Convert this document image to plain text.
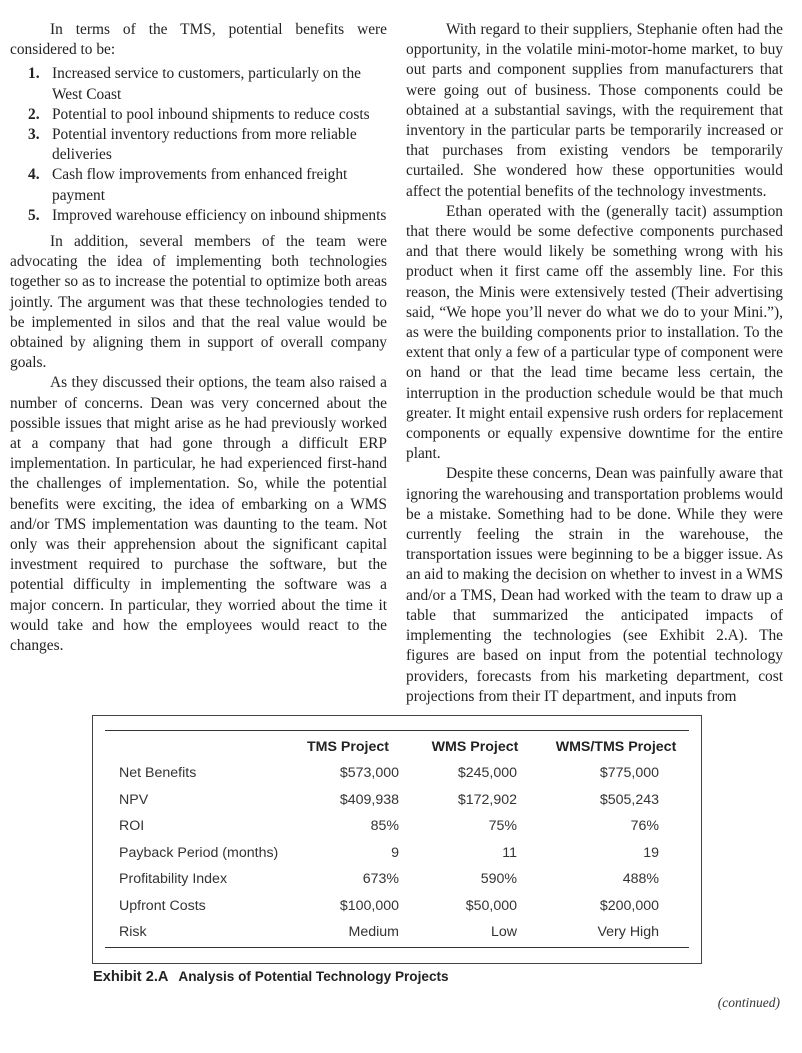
In terms of the TMS, potential benefits were considered to be:

1. Increased service to customers, particularly on the West Coast
2. Potential to pool inbound shipments to reduce costs
3. Potential inventory reductions from more reliable deliveries
4. Cash flow improvements from enhanced freight payment
5. Improved warehouse efficiency on inbound shipments

In addition, several members of the team were advocating the idea of implementing both technologies together so as to increase the potential to optimize both areas jointly. The argument was that these technologies tended to be implemented in silos and that the real value would be obtained by aligning them in support of overall company goals.

As they discussed their options, the team also raised a number of concerns. Dean was very concerned about the possible issues that might arise as he had previously worked at a company that had gone through a difficult ERP implementation. In particular, he had experienced first-hand the challenges of implementation. So, while the potential benefits were exciting, the idea of embarking on a WMS and/or TMS implementation was daunting to the team. Not only was their apprehension about the significant capital investment required to purchase the software, but the potential difficulty in implementing the software was a major concern. In particular, they worried about the time it would take and how the employees would react to the changes.

With regard to their suppliers, Stephanie often had the opportunity, in the volatile mini-motor-home market, to buy out parts and component supplies from manufacturers that were going out of business. Those components could be obtained at a substantial savings, with the requirement that inventory in the particular parts be temporarily increased or that purchases from existing vendors be temporarily curtailed. She wondered how these opportunities would affect the potential benefits of the technology investments.

Ethan operated with the (generally tacit) assumption that there would be some defective components purchased and that there would likely be something wrong with his product when it first came off the assembly line. For this reason, the Minis were extensively tested (Their advertising said, “We hope you’ll never do what we do to your Mini.”), as were the building components prior to installation. To the extent that only a few of a particular type of component were on hand or that the lead time became less certain, the interruption in the production schedule would be that much greater. It might entail expensive rush orders for replacement components or equally expensive downtime for the entire plant.

Despite these concerns, Dean was painfully aware that ignoring the warehousing and transportation problems would be a mistake. Something had to be done. While they were currently feeling the strain in the warehouse, the transportation issues were beginning to be a bigger issue. As an aid to making the decision on whether to invest in a WMS and/or a TMS, Dean had worked with the team to draw up a table that summarized the anticipated impacts of implementing the technologies (see Exhibit 2.A). The figures are based on input from the potential technology providers, forecasts from his marketing department, cost projections from their IT department, and inputs from

	TMS Project	WMS Project	WMS/TMS Project
Net Benefits	$573,000	$245,000	$775,000
NPV	$409,938	$172,902	$505,243
ROI	85%	75%	76%
Payback Period (months)	9	11	19
Profitability Index	673%	590%	488%
Upfront Costs	$100,000	$50,000	$200,000
Risk	Medium	Low	Very High
Exhibit 2.A Analysis of Potential Technology Projects
(continued)
